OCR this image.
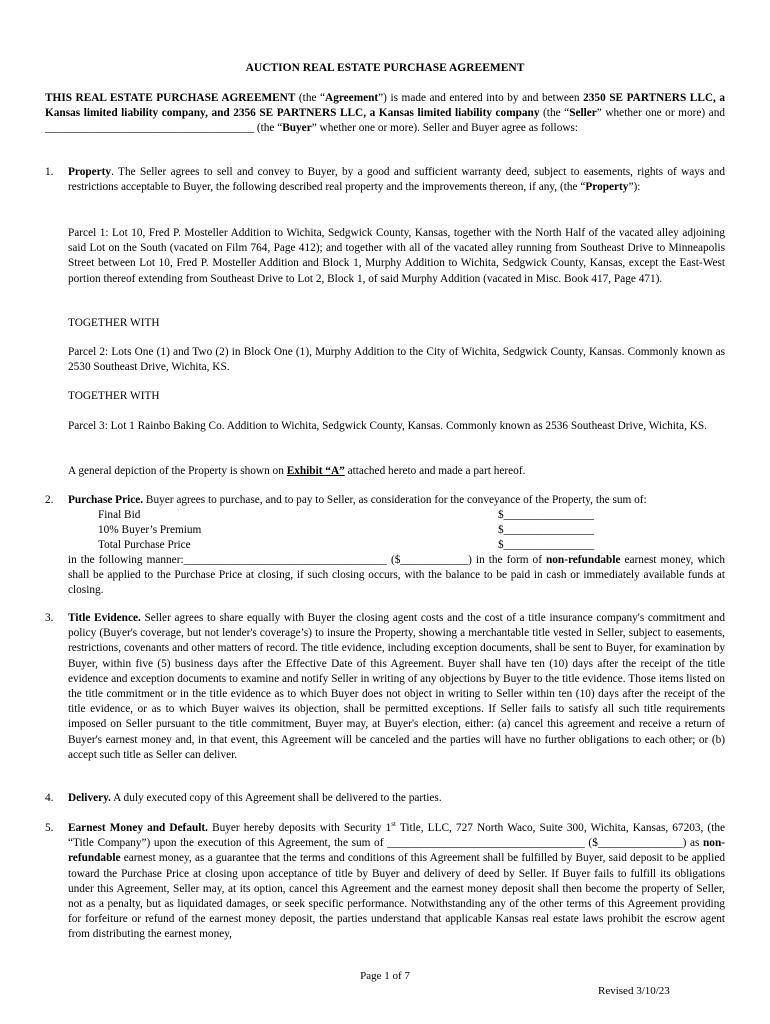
AUCTION REAL ESTATE PURCHASE AGREEMENT

THIS REAL ESTATE PURCHASE AGREEMENT (the “Agreement”) is made and entered into by and between 2350 SE PARTNERS LLC, a Kansas limited liability company, and 2356 SE PARTNERS LLC, a Kansas limited liability company (the “Seller” whether one or more) and _____________________________________ (the “Buyer” whether one or more). Seller and Buyer agree as follows:

1.	Property. The Seller agrees to sell and convey to Buyer, by a good and sufficient warranty deed, subject to easements, rights of ways and restrictions acceptable to Buyer, the following described real property and the improvements thereon, if any, (the “Property”):

Parcel 1: Lot 10, Fred P. Mosteller Addition to Wichita, Sedgwick County, Kansas, together with the North Half of the vacated alley adjoining said Lot on the South (vacated on Film 764, Page 412); and together with all of the vacated alley running from Southeast Drive to Minneapolis Street between Lot 10, Fred P. Mosteller Addition and Block 1, Murphy Addition to Wichita, Sedgwick County, Kansas, except the East-West portion thereof extending from Southeast Drive to Lot 2, Block 1, of said Murphy Addition (vacated in Misc. Book 417, Page 471).

TOGETHER WITH

Parcel 2: Lots One (1) and Two (2) in Block One (1), Murphy Addition to the City of Wichita, Sedgwick County, Kansas. Commonly known as 2530 Southeast Drive, Wichita, KS.

TOGETHER WITH

Parcel 3: Lot 1 Rainbo Baking Co. Addition to Wichita, Sedgwick County, Kansas. Commonly known as 2536 Southeast Drive, Wichita, KS.

A general depiction of the Property is shown on Exhibit “A” attached hereto and made a part hereof.

2.	Purchase Price. Buyer agrees to purchase, and to pay to Seller, as consideration for the conveyance of the Property, the sum of:

Final Bid	$________________
10% Buyer’s Premium	$________________
Total Purchase Price	$________________

in the following manner:____________________________________ ($____________) in the form of non-refundable earnest money, which shall be applied to the Purchase Price at closing, if such closing occurs, with the balance to be paid in cash or immediately available funds at closing.

3.	Title Evidence. Seller agrees to share equally with Buyer the closing agent costs and the cost of a title insurance company's commitment and policy (Buyer's coverage, but not lender's coverage’s) to insure the Property, showing a merchantable title vested in Seller, subject to easements, restrictions, covenants and other matters of record. The title evidence, including exception documents, shall be sent to Buyer, for examination by Buyer, within five (5) business days after the Effective Date of this Agreement. Buyer shall have ten (10) days after the receipt of the title evidence and exception documents to examine and notify Seller in writing of any objections by Buyer to the title evidence. Those items listed on the title commitment or in the title evidence as to which Buyer does not object in writing to Seller within ten (10) days after the receipt of the title evidence, or as to which Buyer waives its objection, shall be permitted exceptions. If Seller fails to satisfy all such title requirements imposed on Seller pursuant to the title commitment, Buyer may, at Buyer's election, either: (a) cancel this agreement and receive a return of Buyer's earnest money and, in that event, this Agreement will be canceled and the parties will have no further obligations to each other; or (b) accept such title as Seller can deliver.

4.	Delivery. A duly executed copy of this Agreement shall be delivered to the parties.

5.	Earnest Money and Default. Buyer hereby deposits with Security 1st Title, LLC, 727 North Waco, Suite 300, Wichita, Kansas, 67203, (the “Title Company”) upon the execution of this Agreement, the sum of ___________________________________ ($_______________) as non-refundable earnest money, as a guarantee that the terms and conditions of this Agreement shall be fulfilled by Buyer, said deposit to be applied toward the Purchase Price at closing upon acceptance of title by Buyer and delivery of deed by Seller. If Buyer fails to fulfill its obligations under this Agreement, Seller may, at its option, cancel this Agreement and the earnest money deposit shall then become the property of Seller, not as a penalty, but as liquidated damages, or seek specific performance. Notwithstanding any of the other terms of this Agreement providing for forfeiture or refund of the earnest money deposit, the parties understand that applicable Kansas real estate laws prohibit the escrow agent from distributing the earnest money,

Page 1 of 7
Revised 3/10/23
